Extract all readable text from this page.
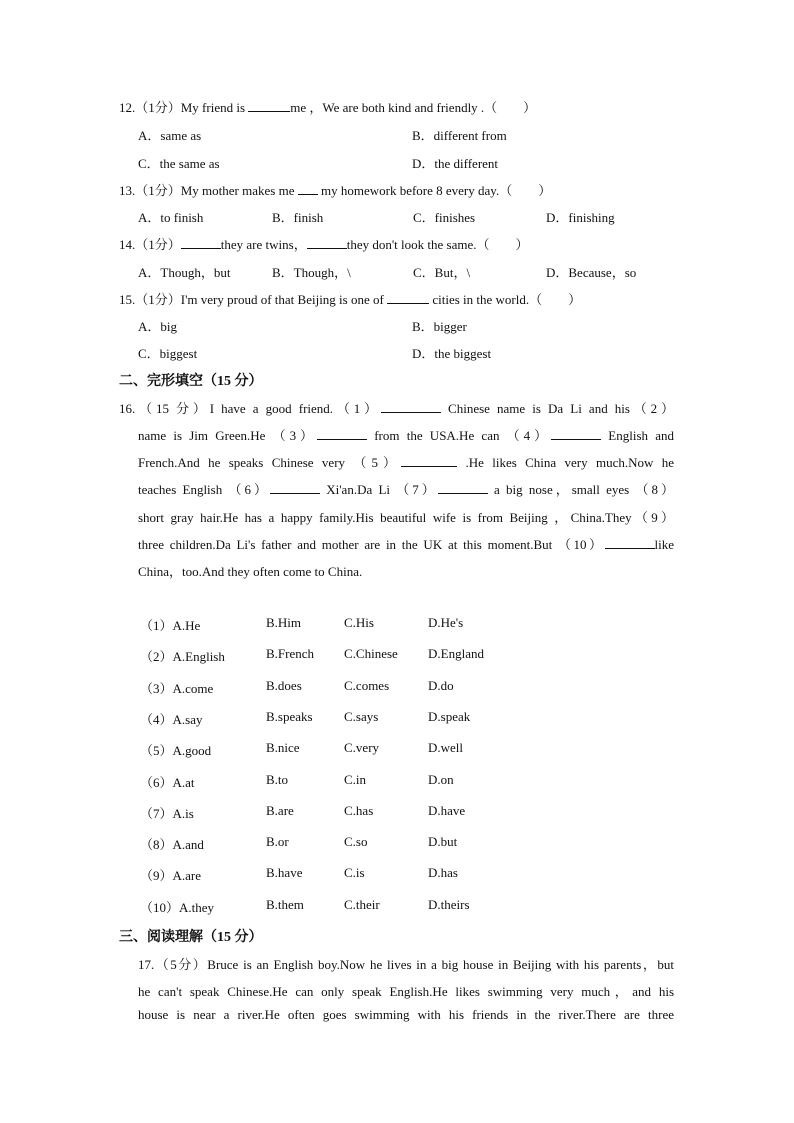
12.（1分）My friend is	me ，We are both kind and friendly .（　　）
A．same as	B．different from
C．the same as	D．the different
13.（1分）My mother makes me  my homework before 8 every day.（　　）
A．to finish	B．finish	C．finishes	D．finishing
14.（1分）	they are twins，	they don't look the same.（　　）
A．Though，but	B．Though，\	C．But，\	D．Because，so
15.（1分）I'm very proud of that Beijing is one of	cities in the world.（　　）
A．big	B．bigger
C．biggest	D．the biggest
二、完形填空（15 分）
16.（15 分）I have a good friend.（1）	Chinese name is Da Li and his（2）
name is Jim Green.He （3）	from the USA.He can （4）	English and
French.And he speaks Chinese very （5）	.He likes China very much.Now he
teaches English （6）	Xi'an.Da Li （7）	a big nose，small eyes （8）
short gray hair.He has a happy family.His beautiful wife is from Beijing ，China.They（9）
three children.Da Li's father and mother are in the UK at this moment.But （10）	like
China，too.And they often come to China.
（1）A.He	B.Him	C.His	D.He's
（2）A.English	B.French C.Chinese D.England
（3）A.come	B.does	C.comes	D.do
（4）A.say	B.speaks C.says	D.speak
（5）A.good	B.nice	C.very	D.well
（6）A.at	B.to	C.in	D.on
（7）A.is	B.are	C.has	D.have
（8）A.and	B.or	C.so	D.but
（9）A.are	B.have	C.is	D.has
（10）A.they	B.them	C.their	D.theirs
三、阅读理解（15 分）
17.（5分）Bruce is an English boy.Now he lives in a big house in Beijing with his parents，but
he can't speak Chinese.He can only speak English.He likes swimming very much，and his
house is near a river.He often goes swimming with his friends in the river.There are three
